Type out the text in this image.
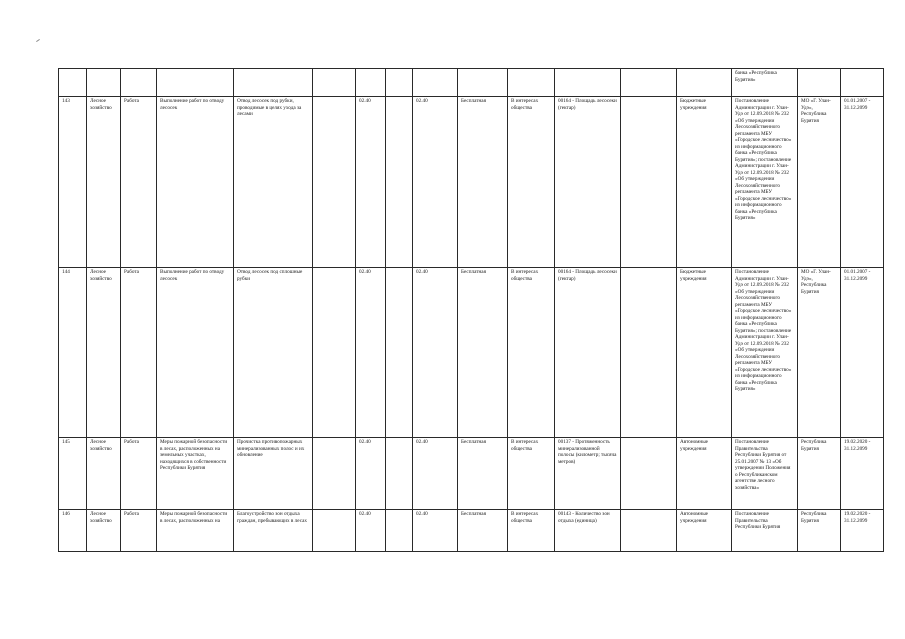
														банка «Республика Бурятия»		
143	Лесное хозяйство	Работа	Выполнение работ по отводу лесосек	Отвод лесосек под рубки, проводимые в целях ухода за лесами		02.40		02.40	Бесплатная	В интересах общества	00164 - Площадь лесосеки (гектар)		Бюджетные учреждения	Постановление Администрации г. Улан-Удэ от 12.09.2018 № 232 «Об утверждении Лесохозяйственного регламента МБУ «Городское лесничество» из информационного банка «Республика Бурятия»; постановление Администрации г. Улан-Удэ от 12.09.2018 № 232 «Об утверждении Лесохозяйственного регламента МБУ «Городское лесничество» из информационного банка «Республика Бурятия»	МО «Г. Улан-Удэ», Республика Бурятия	01.01.2007 - 31.12.2099
144	Лесное хозяйство	Работа	Выполнение работ по отводу лесосек	Отвод лесосек под сплошные рубки		02.40		02.40	Бесплатная	В интересах общества	00164 - Площадь лесосеки (гектар)		Бюджетные учреждения	Постановление Администрации г. Улан-Удэ от 12.09.2018 № 232 «Об утверждении Лесохозяйственного регламента МБУ «Городское лесничество» из информационного банка «Республика Бурятия»; постановление Администрации г. Улан-Удэ от 12.09.2018 № 232 «Об утверждении Лесохозяйственного регламента МБУ «Городское лесничество» из информационного банка «Республика Бурятия»	МО «Г. Улан-Удэ», Республика Бурятия	01.01.2007 - 31.12.2099
145	Лесное хозяйство	Работа	Меры пожарной безопасности в лесах, расположенных на земельных участках, находящихся в собственности Республики Бурятия	Прочистка противопожарных минерализованных полос и их обновление		02.40		02.40	Бесплатная	В интересах общества	00137 - Протяженность минерализованной полосы (километр; тысяча метров)		Автономные учреждения	Постановление Правительства Республики Бурятия от 25.01.2007 № 13 «Об утверждении Положения о Республиканском агентстве лесного хозяйства»	Республика Бурятия	19.02.2020 - 31.12.2099
146	Лесное хозяйство	Работа	Меры пожарной безопасности в лесах, расположенных на	Благоустройство зон отдыха граждан, пребывающих в лесах		02.40		02.40	Бесплатная	В интересах общества	00143 - Количество зон отдыха (единица)		Автономные учреждения	Постановление Правительства Республики Бурятия	Республика Бурятия	19.02.2020 - 31.12.2099
